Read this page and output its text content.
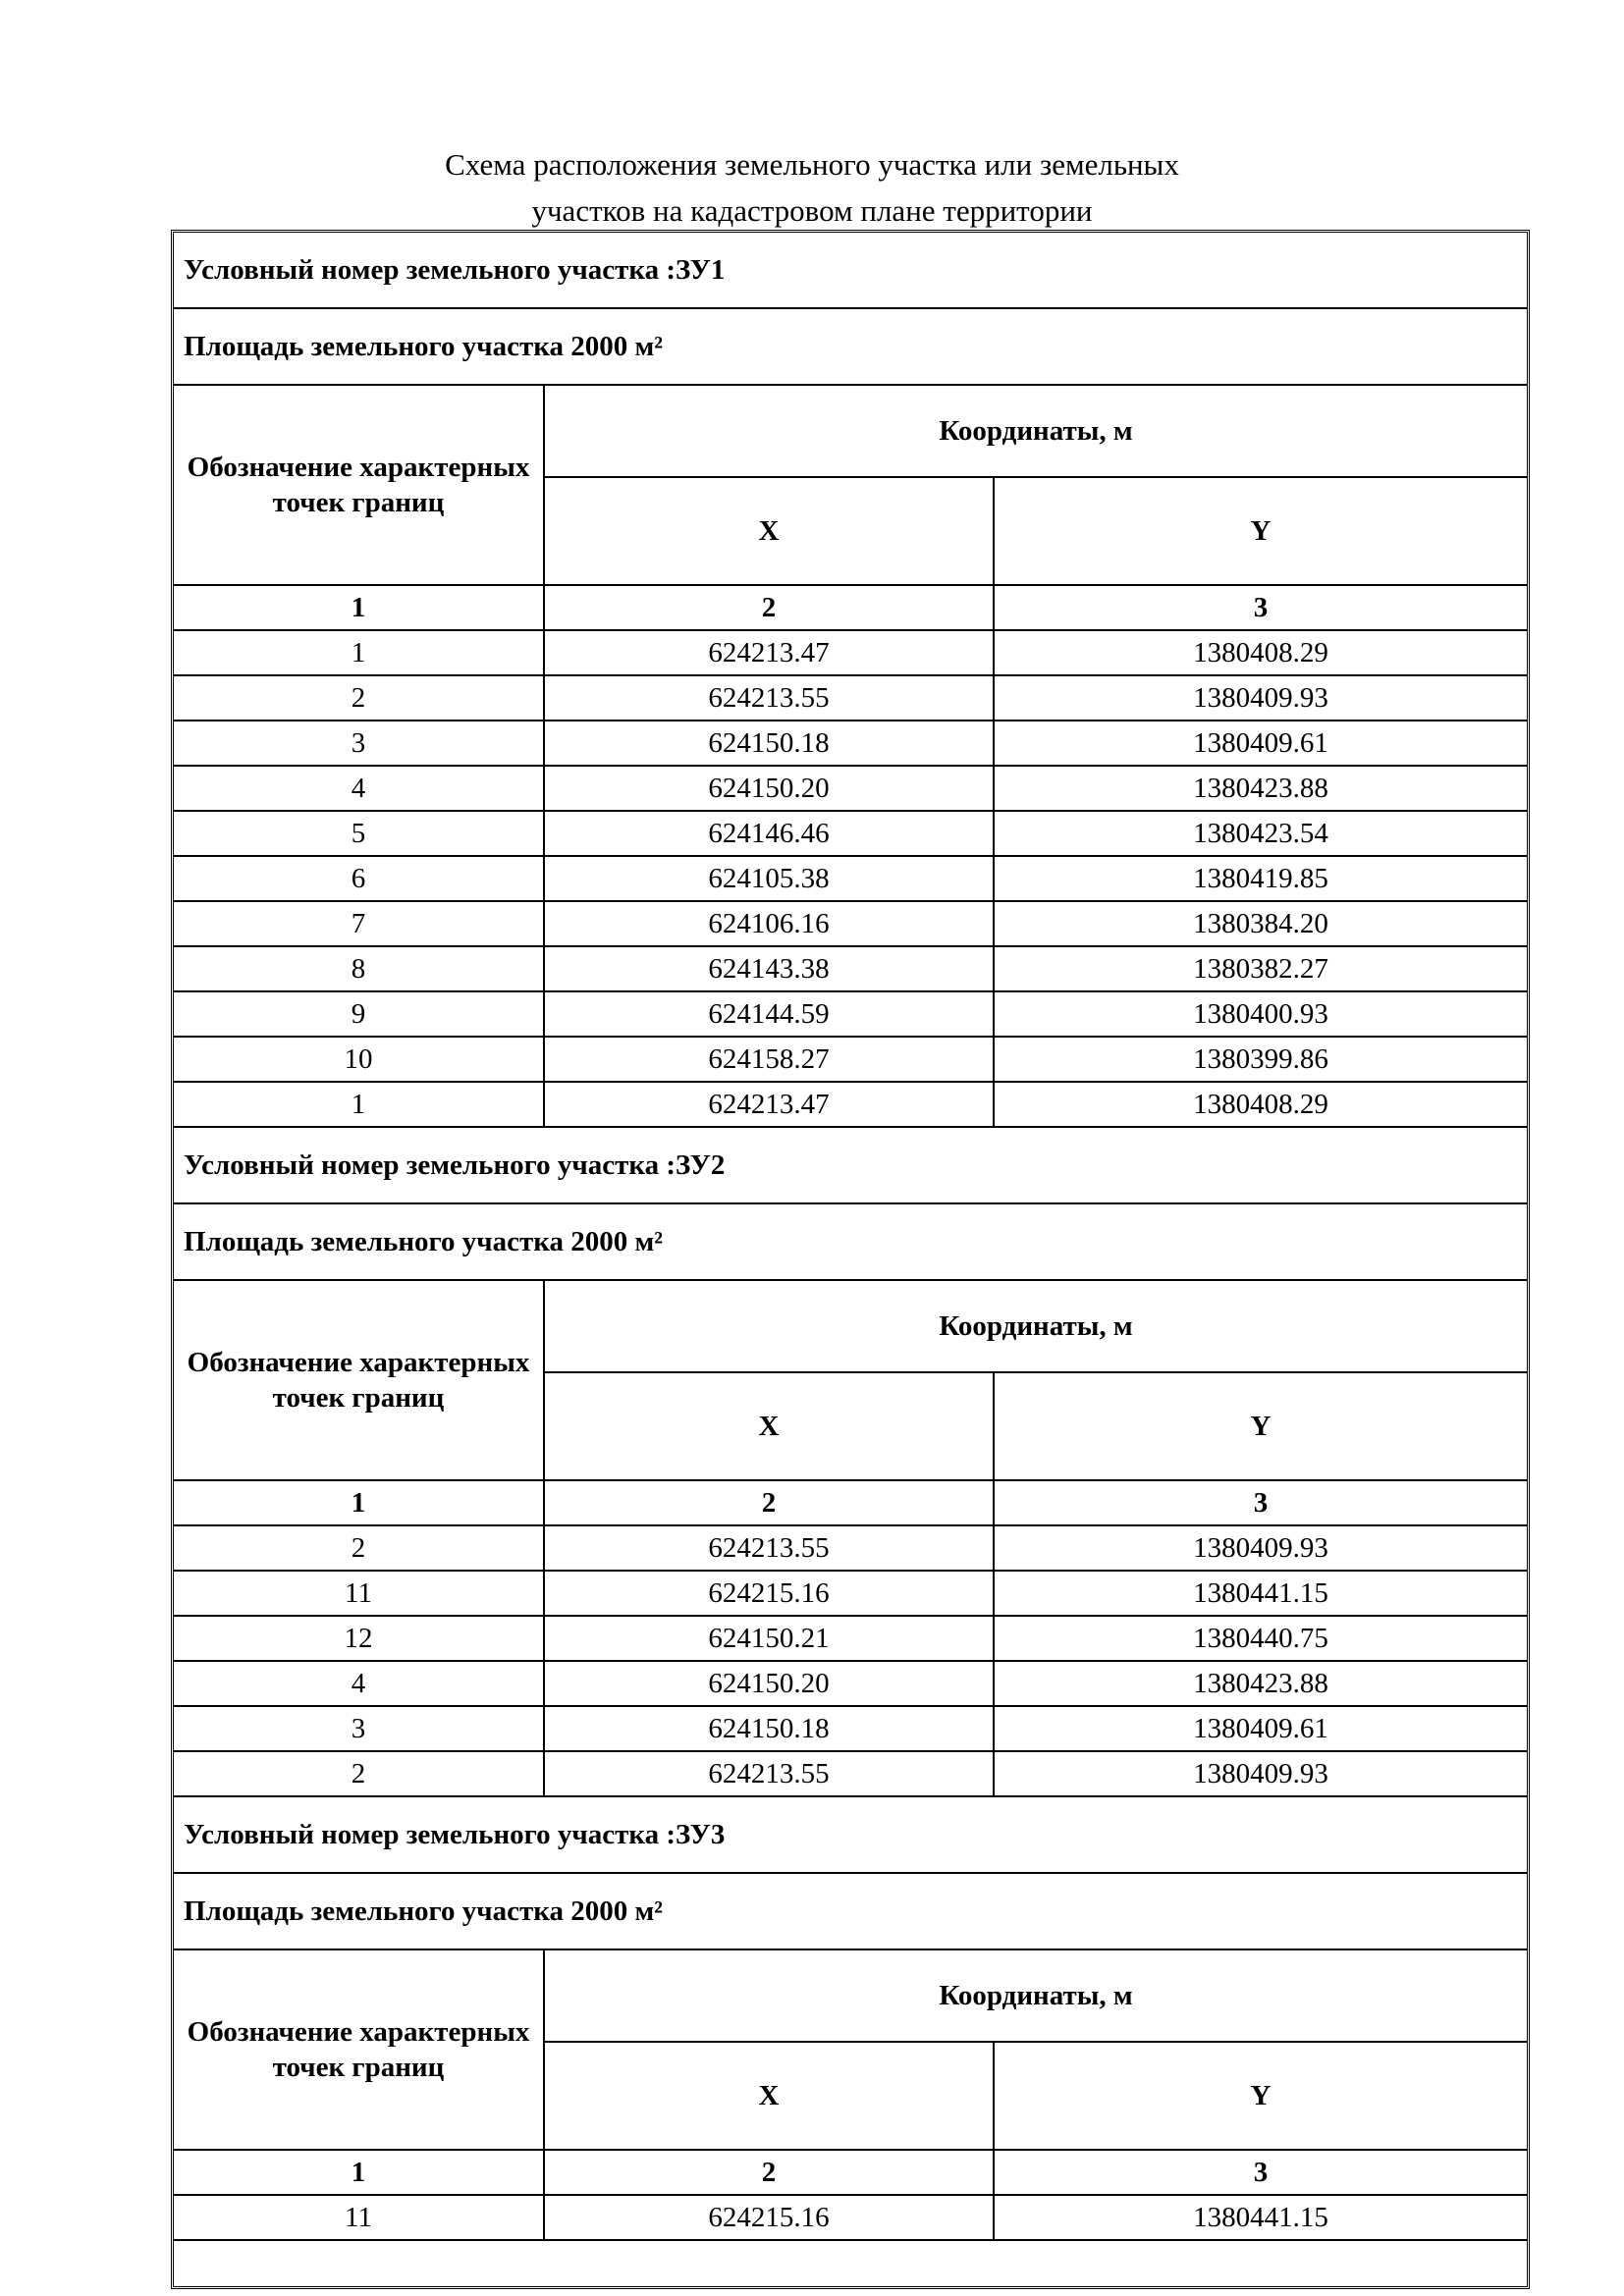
Схема расположения земельного участка или земельных
участков на кадастровом плане территории
Условный номер земельного участка :ЗУ1		
Площадь земельного участка 2000 м²		
Обозначение характерных точек границ	Координаты, м	
	X	Y
1	2	3
1	624213.47	1380408.29
2	624213.55	1380409.93
3	624150.18	1380409.61
4	624150.20	1380423.88
5	624146.46	1380423.54
6	624105.38	1380419.85
7	624106.16	1380384.20
8	624143.38	1380382.27
9	624144.59	1380400.93
10	624158.27	1380399.86
1	624213.47	1380408.29
Условный номер земельного участка :ЗУ2		
Площадь земельного участка 2000 м²		
Обозначение характерных точек границ	Координаты, м	
	X	Y
1	2	3
2	624213.55	1380409.93
11	624215.16	1380441.15
12	624150.21	1380440.75
4	624150.20	1380423.88
3	624150.18	1380409.61
2	624213.55	1380409.93
Условный номер земельного участка :ЗУ3		
Площадь земельного участка 2000 м²		
Обозначение характерных точек границ	Координаты, м	
	X	Y
1	2	3
11	624215.16	1380441.15
